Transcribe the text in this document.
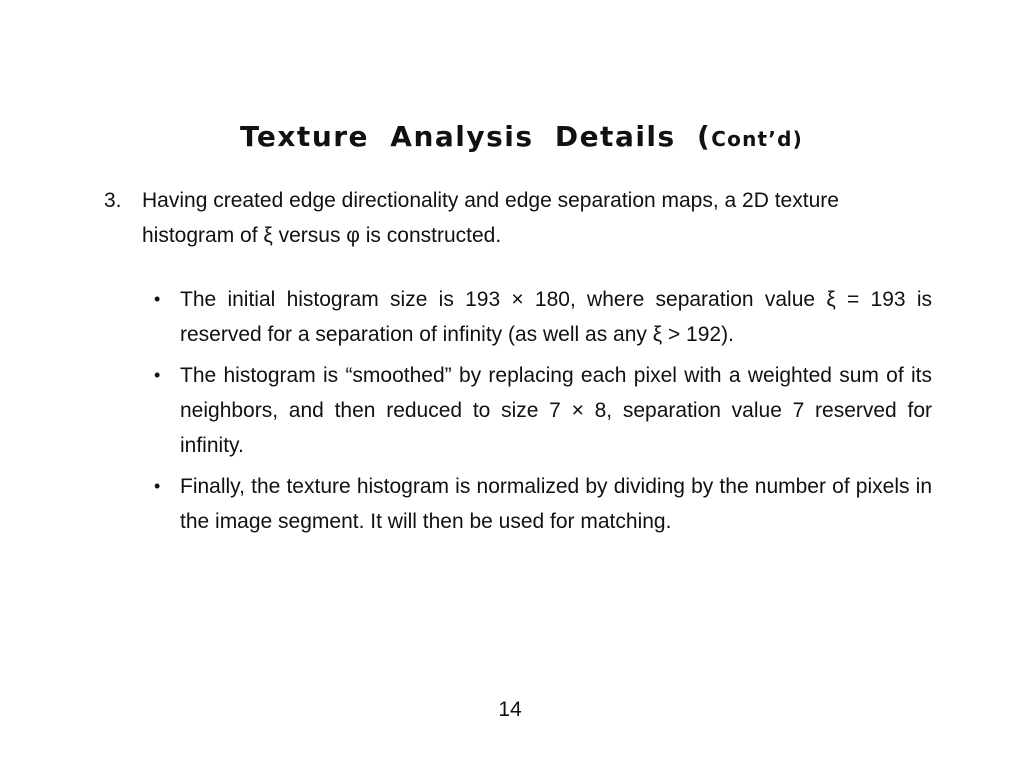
Texture Analysis Details (Cont’d)
3. Having created edge directionality and edge separation maps, a 2D texture histogram of ξ versus φ is constructed.
• The initial histogram size is 193 × 180, where separation value ξ = 193 is reserved for a separation of infinity (as well as any ξ > 192).
• The histogram is “smoothed” by replacing each pixel with a weighted sum of its neighbors, and then reduced to size 7 × 8, separation value 7 reserved for infinity.
• Finally, the texture histogram is normalized by dividing by the number of pixels in the image segment. It will then be used for matching.
14
